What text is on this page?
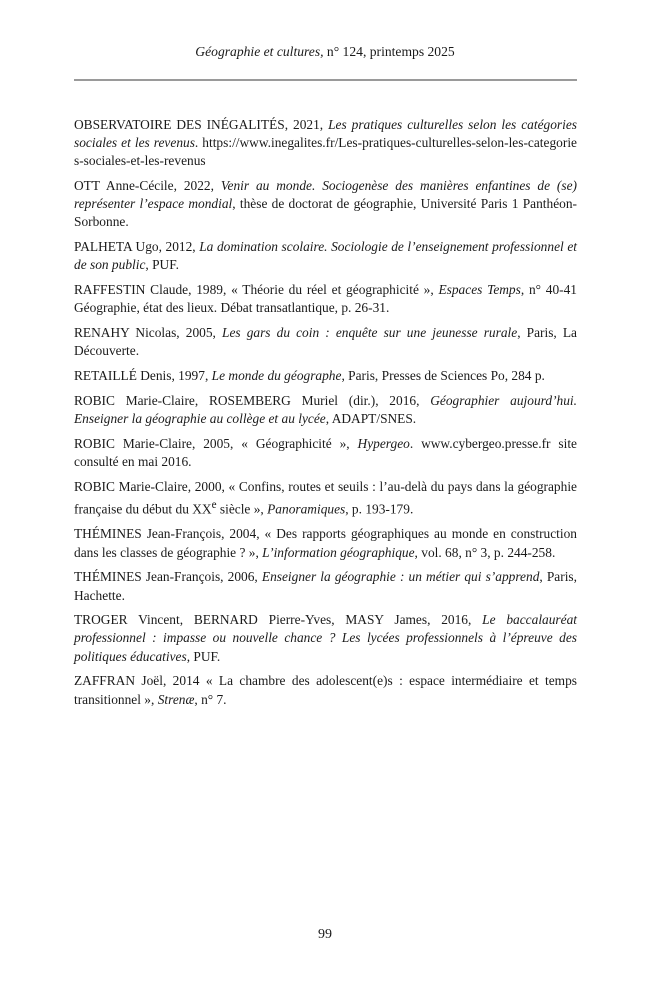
Géographie et cultures, n° 124, printemps 2025

OBSERVATOIRE DES INÉGALITÉS, 2021, Les pratiques culturelles selon les catégories sociales et les revenus. https://www.inegalites.fr/Les-pratiques-culturelles-selon-les-categories-sociales-et-les-revenus

OTT Anne-Cécile, 2022, Venir au monde. Sociogenèse des manières enfantines de (se) représenter l’espace mondial, thèse de doctorat de géographie, Université Paris 1 Panthéon-Sorbonne.

PALHETA Ugo, 2012, La domination scolaire. Sociologie de l’enseignement professionnel et de son public, PUF.

RAFFESTIN Claude, 1989, « Théorie du réel et géographicité », Espaces Temps, n° 40-41 Géographie, état des lieux. Débat transatlantique, p. 26-31.

RENAHY Nicolas, 2005, Les gars du coin : enquête sur une jeunesse rurale, Paris, La Découverte.

RETAILLÉ Denis, 1997, Le monde du géographe, Paris, Presses de Sciences Po, 284 p.

ROBIC Marie-Claire, ROSEMBERG Muriel (dir.), 2016, Géographier aujourd’hui. Enseigner la géographie au collège et au lycée, ADAPT/SNES.

ROBIC Marie-Claire, 2005, « Géographicité », Hypergeo. www.cybergeo.presse.fr site consulté en mai 2016.

ROBIC Marie-Claire, 2000, « Confins, routes et seuils : l’au-delà du pays dans la géographie française du début du XXe siècle », Panoramiques, p. 193-179.

THÉMINES Jean-François, 2004, « Des rapports géographiques au monde en construction dans les classes de géographie ? », L’information géographique, vol. 68, n° 3, p. 244-258.

THÉMINES Jean-François, 2006, Enseigner la géographie : un métier qui s’apprend, Paris, Hachette.

TROGER Vincent, BERNARD Pierre-Yves, MASY James, 2016, Le baccalauréat professionnel : impasse ou nouvelle chance ? Les lycées professionnels à l’épreuve des politiques éducatives, PUF.

ZAFFRAN Joël, 2014 « La chambre des adolescent(e)s : espace intermédiaire et temps transitionnel », Strenæ, n° 7.

99
